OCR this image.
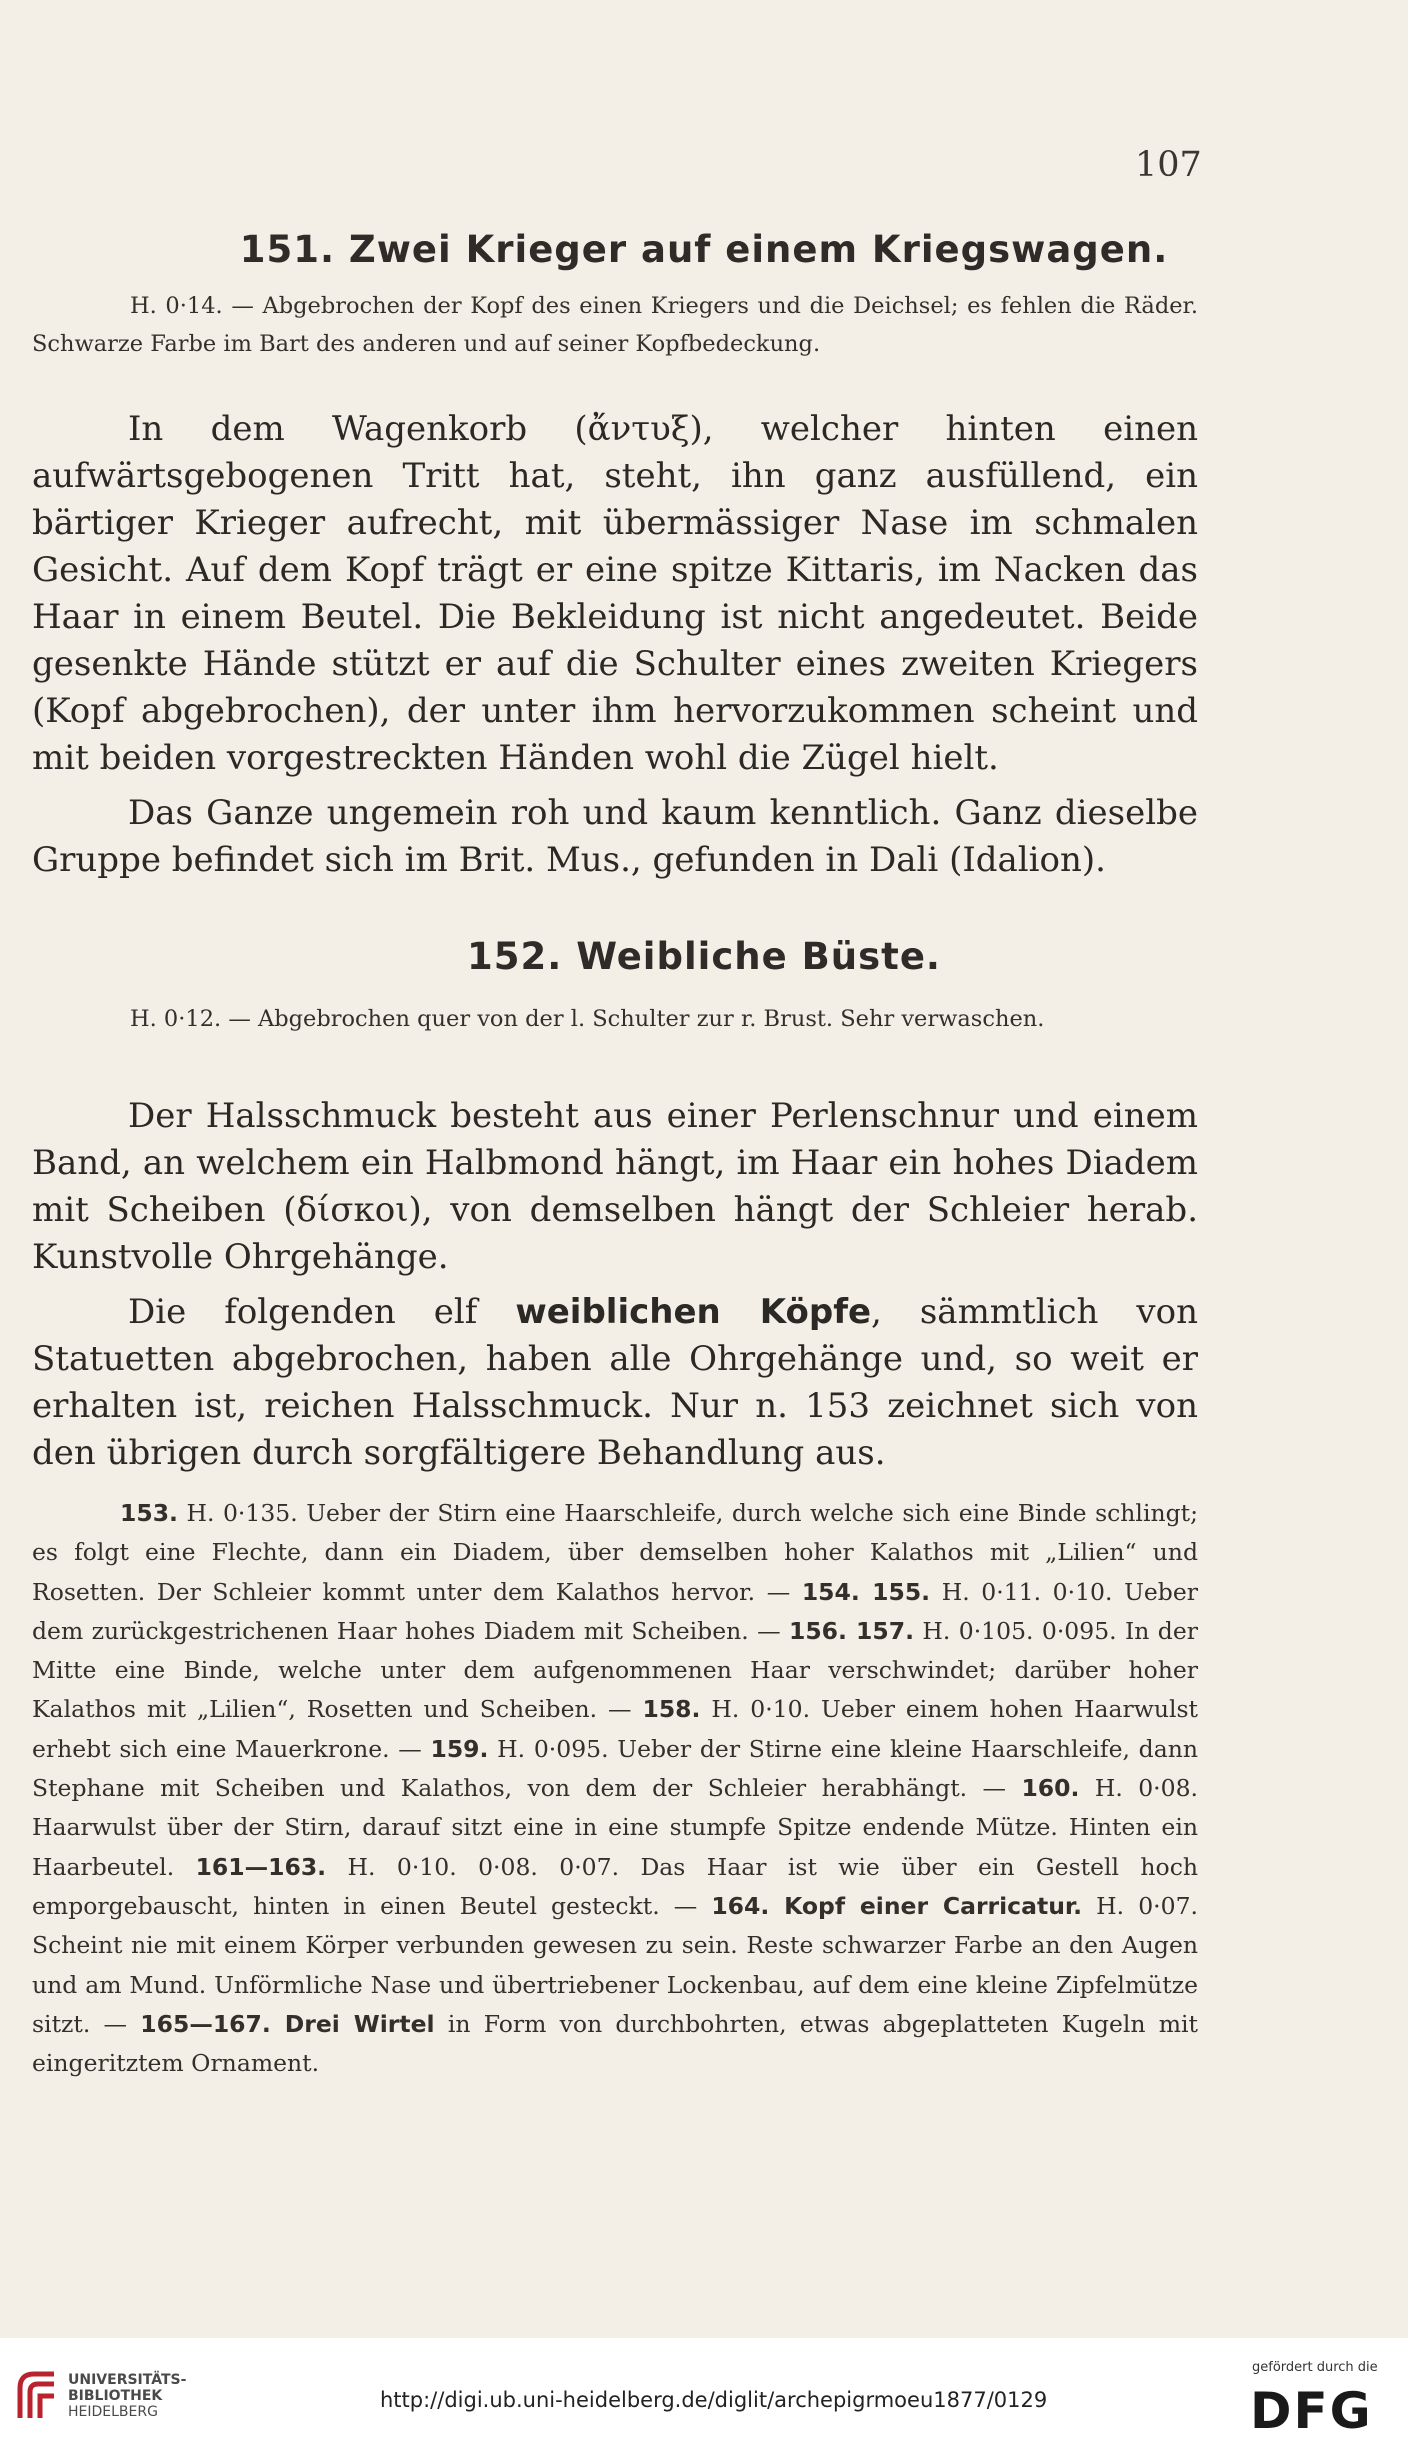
107
151. Zwei Krieger auf einem Kriegswagen.

H. 0·14. — Abgebrochen der Kopf des einen Kriegers und die Deichsel; es fehlen die Räder. Schwarze Farbe im Bart des anderen und auf seiner Kopfbedeckung.

In dem Wagenkorb (ἄντυξ), welcher hinten einen aufwärtsgebogenen Tritt hat, steht, ihn ganz ausfüllend, ein bärtiger Krieger aufrecht, mit übermässiger Nase im schmalen Gesicht. Auf dem Kopf trägt er eine spitze Kittaris, im Nacken das Haar in einem Beutel. Die Bekleidung ist nicht angedeutet. Beide gesenkte Hände stützt er auf die Schulter eines zweiten Kriegers (Kopf abgebrochen), der unter ihm hervorzukommen scheint und mit beiden vorgestreckten Händen wohl die Zügel hielt.

Das Ganze ungemein roh und kaum kenntlich. Ganz dieselbe Gruppe befindet sich im Brit. Mus., gefunden in Dali (Idalion).

152. Weibliche Büste.

H. 0·12. — Abgebrochen quer von der l. Schulter zur r. Brust. Sehr verwaschen.

Der Halsschmuck besteht aus einer Perlenschnur und einem Band, an welchem ein Halbmond hängt, im Haar ein hohes Diadem mit Scheiben (δίσκοι), von demselben hängt der Schleier herab. Kunstvolle Ohrgehänge.

Die folgenden elf weiblichen Köpfe, sämmtlich von Statuetten abgebrochen, haben alle Ohrgehänge und, so weit er erhalten ist, reichen Halsschmuck. Nur n. 153 zeichnet sich von den übrigen durch sorgfältigere Behandlung aus.

153. H. 0·135. Ueber der Stirn eine Haarschleife, durch welche sich eine Binde schlingt; es folgt eine Flechte, dann ein Diadem, über demselben hoher Kalathos mit „Lilien“ und Rosetten. Der Schleier kommt unter dem Kalathos hervor. — 154. 155. H. 0·11. 0·10. Ueber dem zurückgestrichenen Haar hohes Diadem mit Scheiben. — 156. 157. H. 0·105. 0·095. In der Mitte eine Binde, welche unter dem aufgenommenen Haar verschwindet; darüber hoher Kalathos mit „Lilien“, Rosetten und Scheiben. — 158. H. 0·10. Ueber einem hohen Haarwulst erhebt sich eine Mauerkrone. — 159. H. 0·095. Ueber der Stirne eine kleine Haarschleife, dann Stephane mit Scheiben und Kalathos, von dem der Schleier herabhängt. — 160. H. 0·08. Haarwulst über der Stirn, darauf sitzt eine in eine stumpfe Spitze endende Mütze. Hinten ein Haarbeutel. 161—163. H. 0·10. 0·08. 0·07. Das Haar ist wie über ein Gestell hoch emporgebauscht, hinten in einen Beutel gesteckt. — 164. Kopf einer Carricatur. H. 0·07. Scheint nie mit einem Körper verbunden gewesen zu sein. Reste schwarzer Farbe an den Augen und am Mund. Unförmliche Nase und übertriebener Lockenbau, auf dem eine kleine Zipfelmütze sitzt. — 165—167. Drei Wirtel in Form von durchbohrten, etwas abgeplatteten Kugeln mit eingeritztem Ornament.

UNIVERSITÄTS-
BIBLIOTHEK
HEIDELBERG	http://digi.ub.uni-heidelberg.de/diglit/archepigrmoeu1877/0129
gefördert durch die
DFG
